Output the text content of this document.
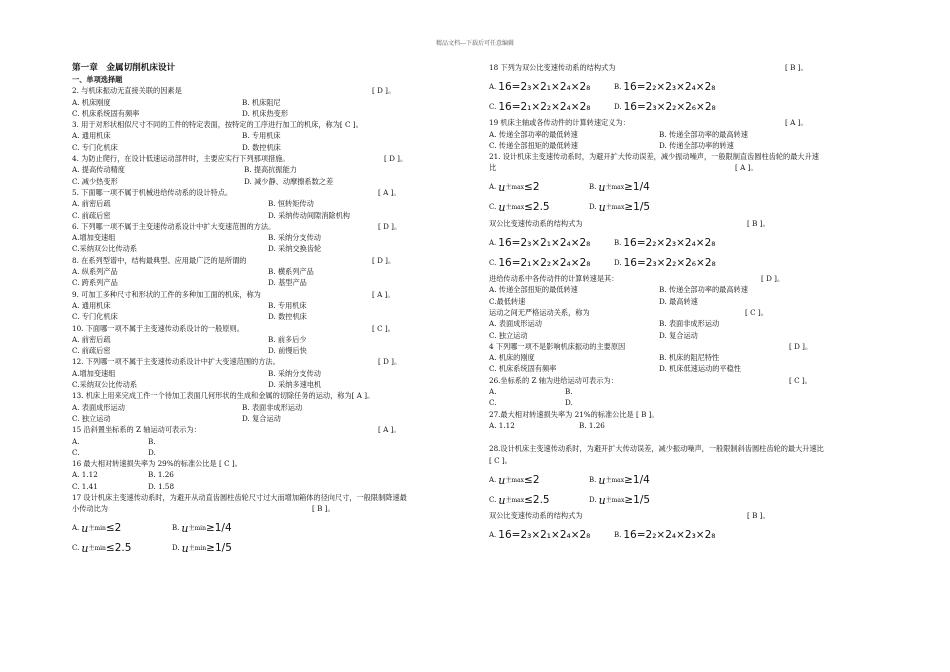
精品文档---下载后可任意编辑
第一章　金属切削机床设计
一、单项选择题
2. 与机床振动无直接关联的因素是	[ D ]。
A. 机床刚度	B. 机床阻尼
C. 机床系统固有频率	D. 机床热变形
3. 用于对形状相似尺寸不同的工件的特定表面，按特定的工序进行加工的机床，称为[ C ]。
A. 通用机床	B. 专用机床
C. 专门化机床	D. 数控机床
4. 为防止爬行，在设计低速运动部件时，主要应实行下列那项措施。	[ D ]。
A. 提高传动精度	B. 提高抗振能力
C. 减少热变形	D. 减少静、动摩擦系数之差
5. 下面哪一项不属于机械进给传动系的设计特点。	[ A ]。
A. 前密后疏	B. 恒转矩传动
C. 前疏后密	D. 采纳传动间隙消除机构
6. 下列哪一项不属于主变速传动系设计中扩大变速范围的方法。	[ D ]。
A.增加变速组	B. 采纳分支传动
C.采纳双公比传动系	D. 采纳交换齿轮
8. 在系列型谱中，结构最典型、应用最广泛的是所谓的	[ D ]。
A. 纵系列产品	B. 横系列产品
C. 跨系列产品	D. 基型产品
9. 可加工多种尺寸和形状的工件的多种加工面的机床，称为	[ A ]。
A. 通用机床	B. 专用机床
C. 专门化机床	D. 数控机床
10. 下面哪一项不属于主变速传动系设计的一般原则。	[ C ]。
A. 前密后疏	B. 前多后少
C. 前疏后密	D. 前慢后快
12. 下列哪一项不属于主变速传动系设计中扩大变速范围的方法。	[ D ]。
A.增加变速组	B. 采纳分支传动
C.采纳双公比传动系	D. 采纳多速电机
13. 机床上用来完成工件一个待加工表面几何形状的生成和金属的切除任务的运动，称为[ A ]。
A. 表面成形运动	B. 表面非成形运动
C. 独立运动	D. 复合运动
15 沿斜置坐标系的 Z 轴运动可表示为：	[ A ]。
A.	B.
C.	D.
16 最大相对转速损失率为 29%的标准公比是 [ C ]。
A. 1.12	B. 1.26
C. 1.41	D. 1.58
17 设计机床主变速传动系时，为避开从动直齿圆柱齿轮尺寸过大而增加箱体的径向尺寸，一般限制降速最
小传动比为	[ B ]。
A. u 主min ≤2	B. u 主min ≥1/4
C. u 主min ≤2.5	D. u 主min ≥1/5
18 下列为双公比变速传动系的结构式为	[ B ]。
A. 16=2₃×2₁×2₄×2₈	B. 16=2₂×2₃×2₄×2₈
C. 16=2₁×2₂×2₄×2₈	D. 16=2₃×2₂×2₆×2₈
19 机床主轴或各传动件的计算转速定义为：	[ A ]。
A. 传递全部功率的最低转速	B. 传递全部功率的最高转速
C. 传递全部扭矩的最低转速	D. 传递全部功率的转速
21. 设计机床主变速传动系时，为避开扩大传动误差，减少振动噪声，一般限制直齿圆柱齿轮的最大升速
比	[ A ]。
A. u 主max ≤2	B. u 主max ≥1/4
C. u 主max ≤2.5	D. u 主max ≥1/5
双公比变速传动系的结构式为	[ B ]。
A. 16=2₃×2₁×2₄×2₈	B. 16=2₂×2₃×2₄×2₈
C. 16=2₁×2₂×2₄×2₈	D. 16=2₃×2₂×2₆×2₈
进给传动系中各传动件的计算转速是其：	[ D ]。
A. 传递全部扭矩的最低转速	B. 传递全部功率的最高转速
C.最低转速	D. 最高转速
运动之间无严格运动关系，称为	[ C ]。
A. 表面成形运动	B. 表面非成形运动
C. 独立运动	D. 复合运动
4 下列哪一项不是影响机床振动的主要原因	[ D ]。
A. 机床的刚度	B. 机床的阻尼特性
C. 机床系统固有频率	D. 机床低速运动的平稳性
26.坐标系的 Z 轴为进给运动可表示为：	[ C ]。
A.	B.
C.	D.
27.最大相对转速损失率为 21%的标准公比是 [ B ]。
A. 1.12	B. 1.26
28.设计机床主变速传动系时，为避开扩大传动误差，减少振动噪声，一般限制斜齿圆柱齿轮的最大升速比
[ C ]。
A. u 主max ≤2	B. u 主max ≥1/4
C. u 主max ≤2.5	D. u 主max ≥1/5
双公比变速传动系的结构式为	[ B ]。
A. 16=2₃×2₁×2₄×2₈	B. 16=2₂×2₄×2₃×2₈
